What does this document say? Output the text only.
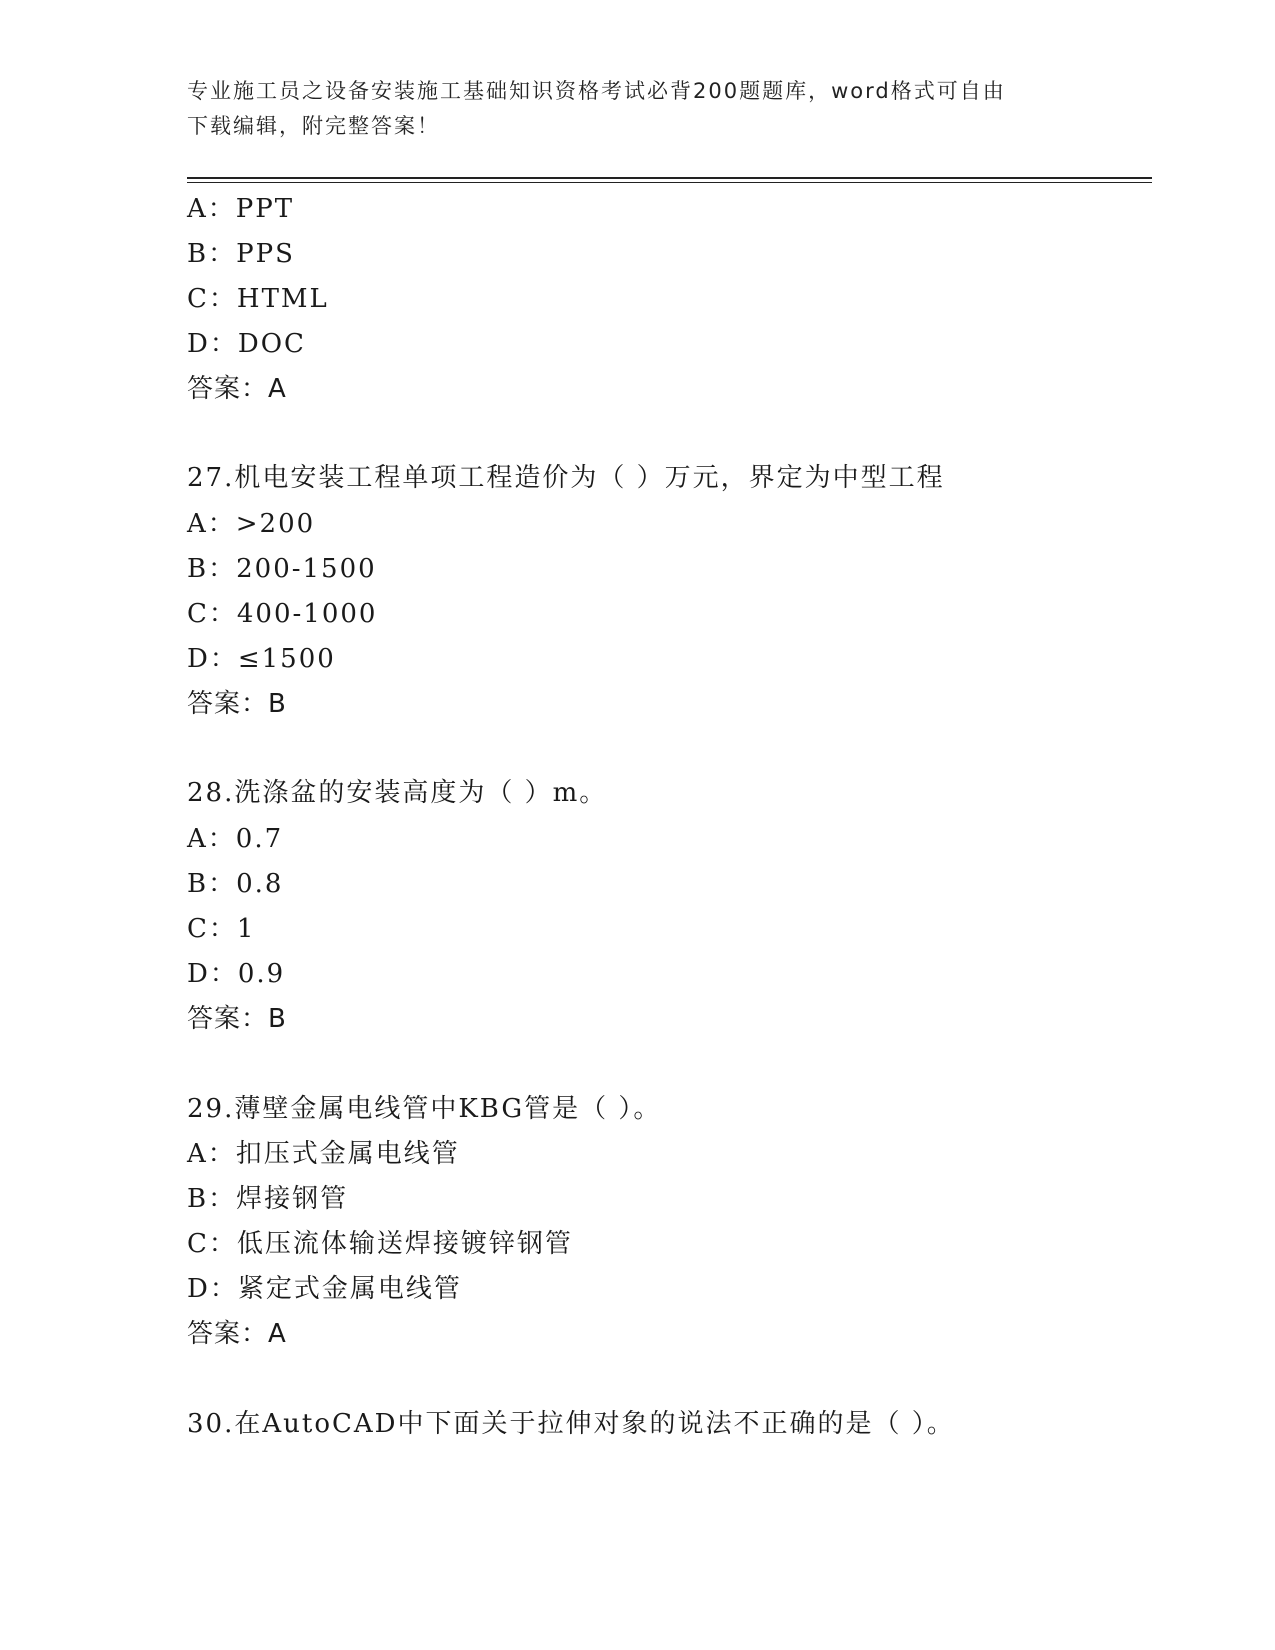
专业施工员之设备安装施工基础知识资格考试必背200题题库，word格式可自由
下载编辑，附完整答案！
A：PPT
B：PPS
C：HTML
D：DOC
答案：A
27.机电安装工程单项工程造价为（ ）万元，界定为中型工程
A：>200
B：200-1500
C：400-1000
D：≤1500
答案：B
28.洗涤盆的安装高度为（ ）m。
A：0.7
B：0.8
C：1
D：0.9
答案：B
29.薄壁金属电线管中KBG管是（ ）。
A：扣压式金属电线管
B：焊接钢管
C：低压流体输送焊接镀锌钢管
D：紧定式金属电线管
答案：A
30.在AutoCAD中下面关于拉伸对象的说法不正确的是（ ）。
